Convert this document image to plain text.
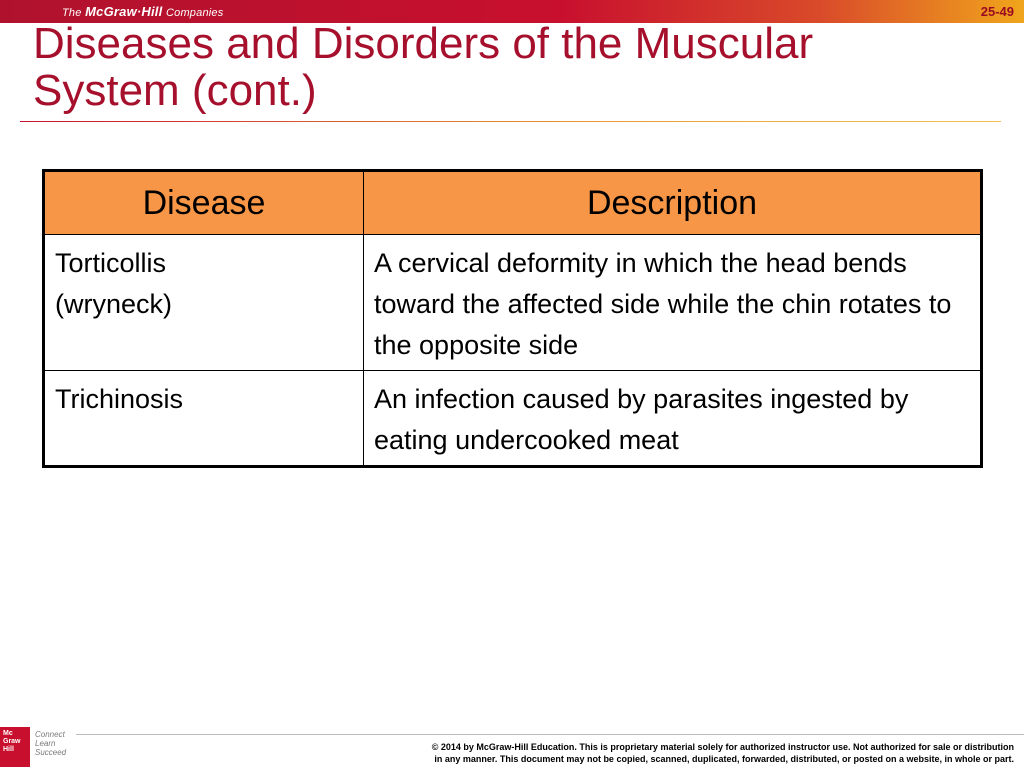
The McGraw·Hill Companies	25-49
Diseases and Disorders of the Muscular
System (cont.)
Disease	Description
Torticollis
(wryneck)	A cervical deformity in which the head bends toward the affected side while the chin rotates to the opposite side
Trichinosis	An infection caused by parasites ingested by eating undercooked meat
Mc
Graw
Hill
Connect
Learn
Succeed
© 2014 by McGraw-Hill Education. This is proprietary material solely for authorized instructor use. Not authorized for sale or distribution
in any manner. This document may not be copied, scanned, duplicated, forwarded, distributed, or posted on a website, in whole or part.
